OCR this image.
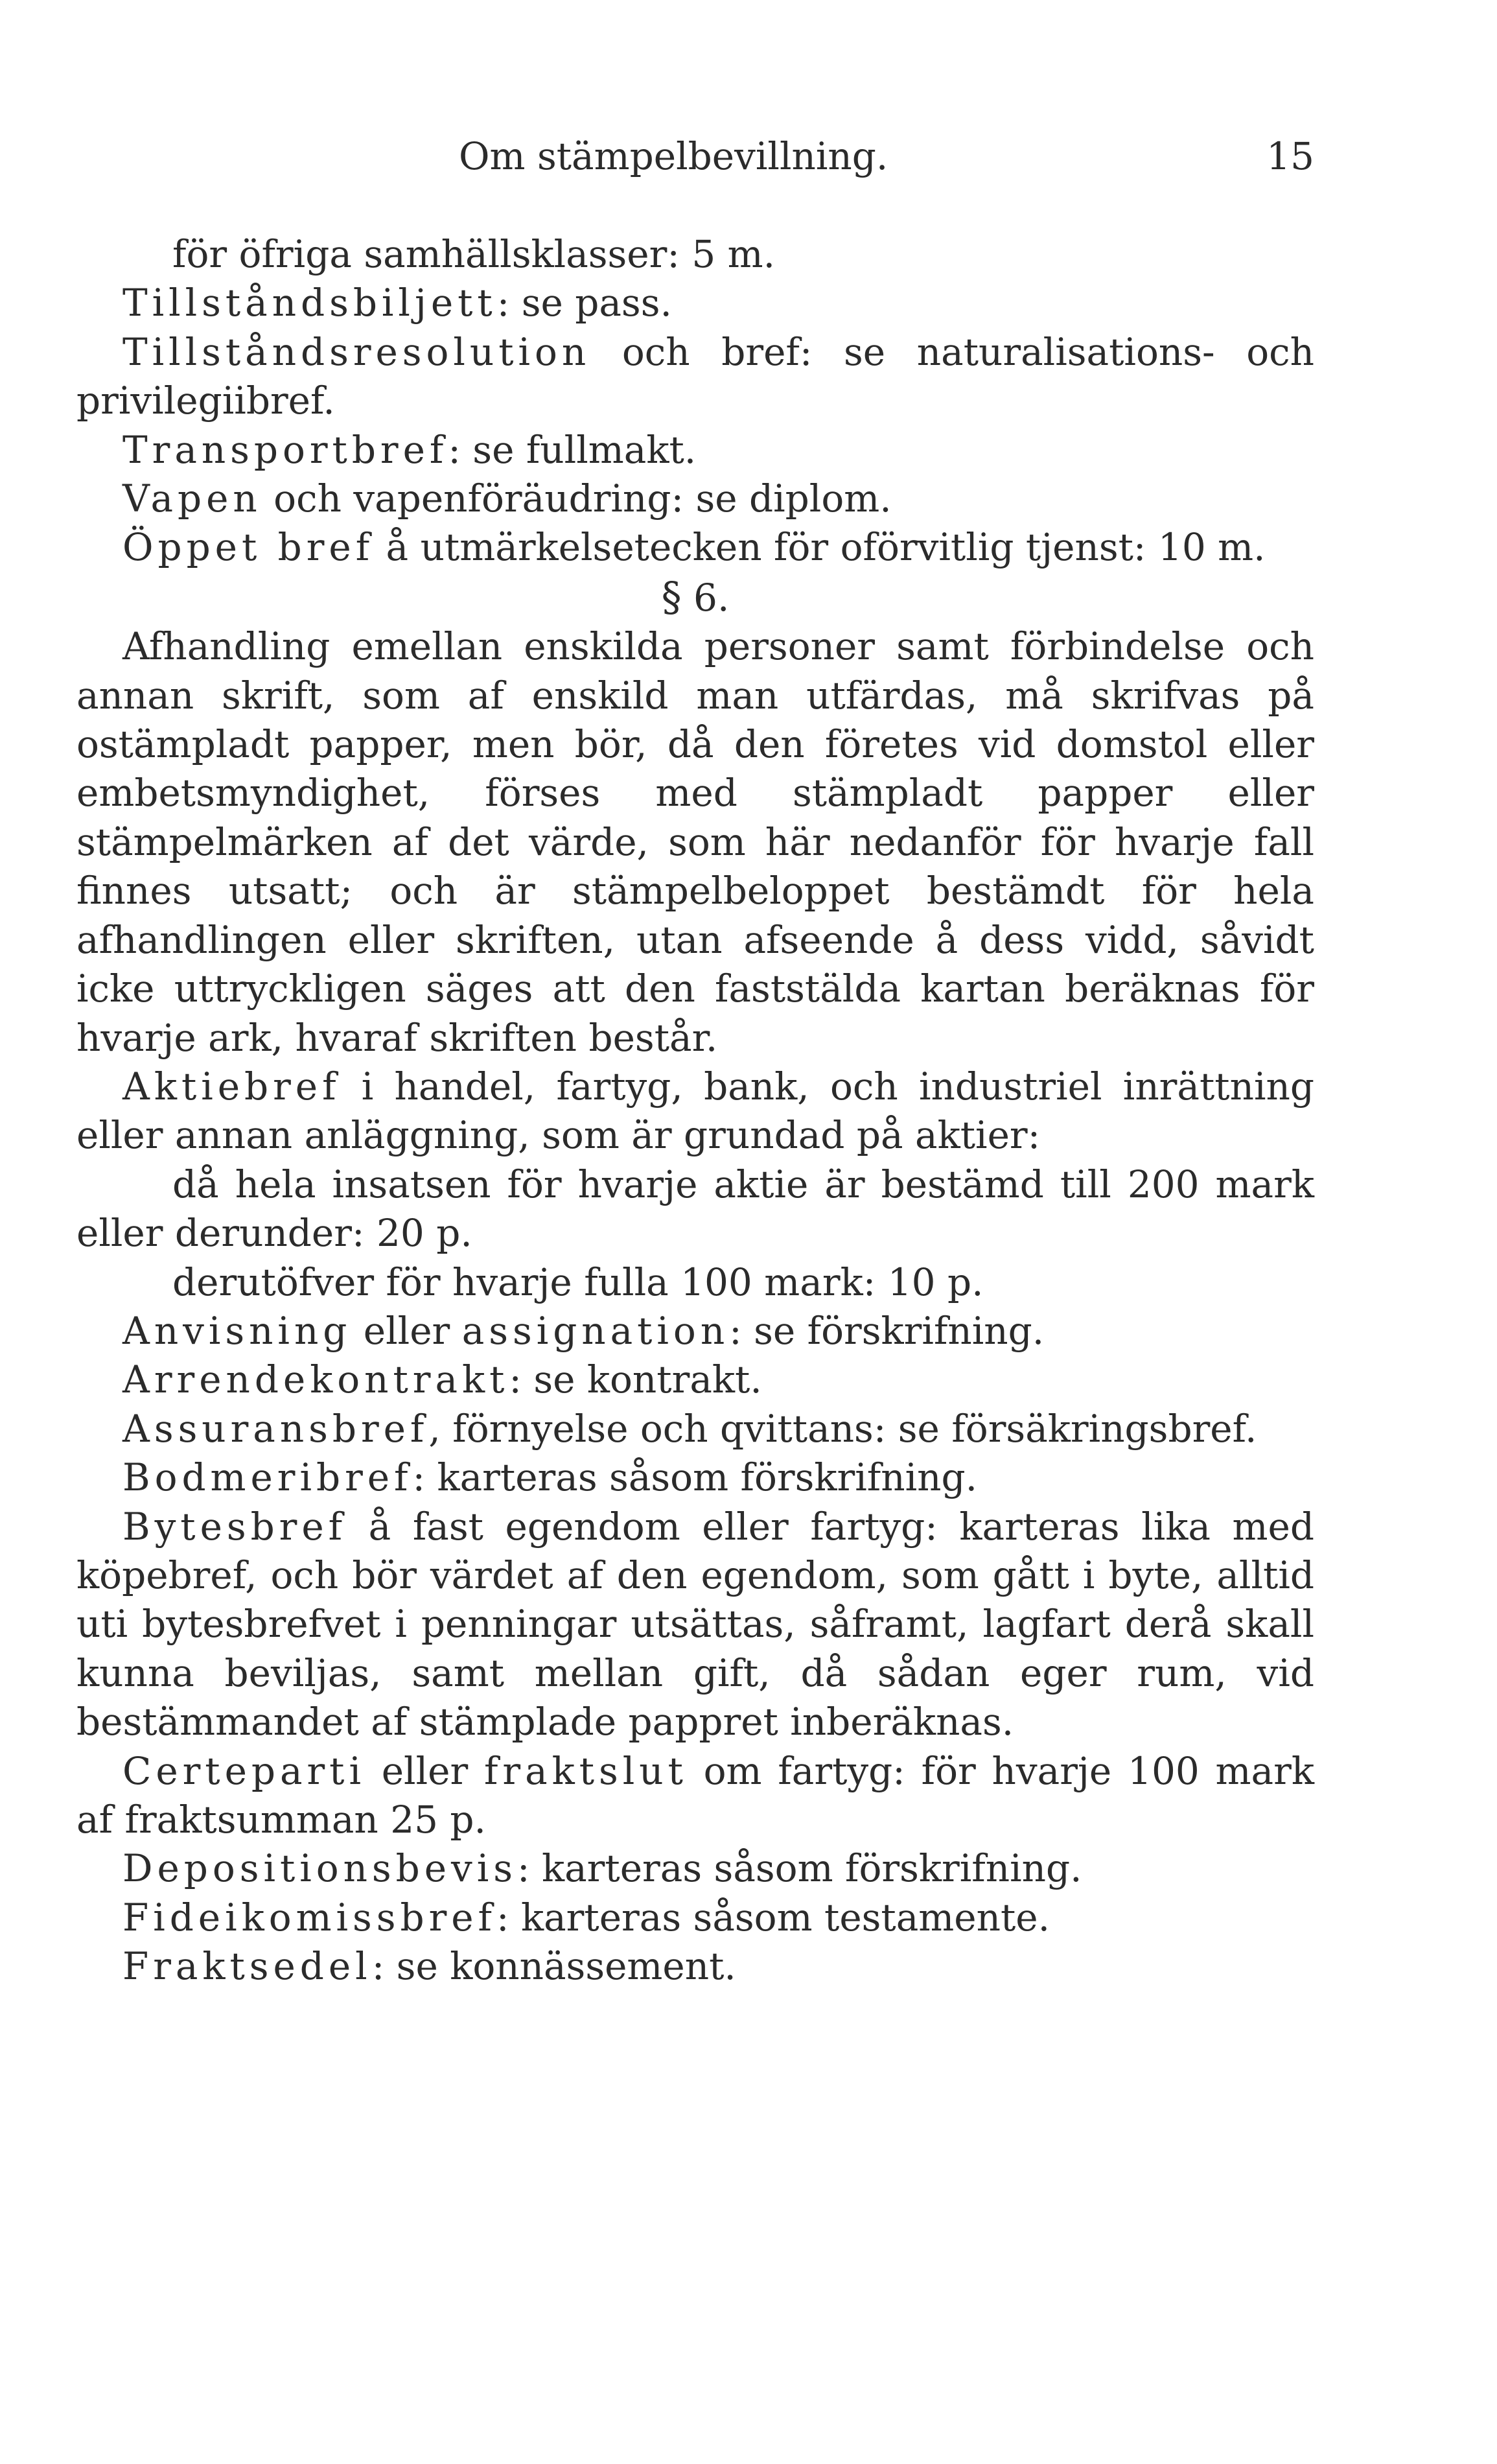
Om stämpelbevillning.	15

för öfriga samhällsklasser: 5 m.

Tillståndsbiljett: se pass.

Tillståndsresolution och bref: se naturalisations- och privilegiibref.

Transportbref: se fullmakt.

Vapen och vapenföräudring: se diplom.

Öppet bref å utmärkelsetecken för oförvitlig tjenst: 10 m.

§ 6.

Afhandling emellan enskilda personer samt förbindelse och annan skrift, som af enskild man utfärdas, må skrifvas på ostämpladt papper, men bör, då den företes vid domstol eller embetsmyndighet, förses med stämpladt papper eller stämpelmärken af det värde, som här nedanför för hvarje fall finnes utsatt; och är stämpelbeloppet bestämdt för hela afhandlingen eller skriften, utan afseende å dess vidd, såvidt icke uttryckligen säges att den faststälda kartan beräknas för hvarje ark, hvaraf skriften består.

Aktiebref i handel, fartyg, bank, och industriel inrättning eller annan anläggning, som är grundad på aktier:

då hela insatsen för hvarje aktie är bestämd till 200 mark eller derunder: 20 p.

derutöfver för hvarje fulla 100 mark: 10 p.

Anvisning eller assignation: se förskrifning.

Arrendekontrakt: se kontrakt.

Assuransbref, förnyelse och qvittans: se försäkringsbref.

Bodmeribref: karteras såsom förskrifning.

Bytesbref å fast egendom eller fartyg: karteras lika med köpebref, och bör värdet af den egendom, som gått i byte, alltid uti bytesbrefvet i penningar utsättas, såframt, lagfart derå skall kunna beviljas, samt mellan gift, då sådan eger rum, vid bestämmandet af stämplade pappret inberäknas.

Certeparti eller fraktslut om fartyg: för hvarje 100 mark af fraktsumman 25 p.

Depositionsbevis: karteras såsom förskrifning.

Fideikomissbref: karteras såsom testamente.

Fraktsedel: se konnässement.
